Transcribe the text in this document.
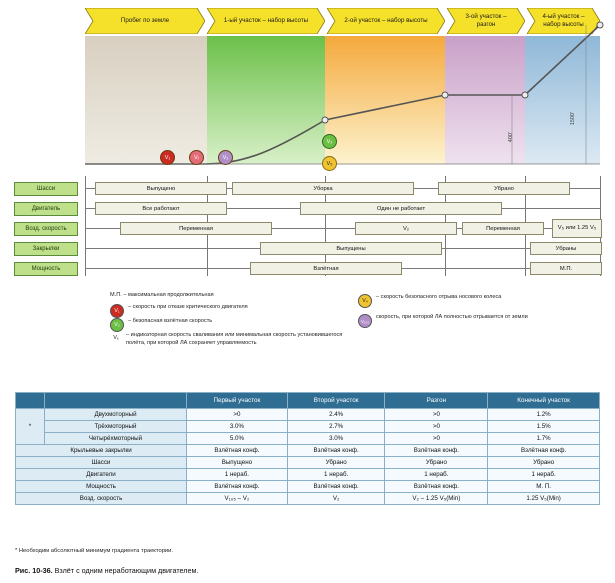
Пробег по земле	1-ый участок – набор высоты	2-ой участок – набор высоты
3-ой участок – разгон
4-ый участок – набор высоты
V₁	Vᵣ	V₂
V₂
V₅
400'
1500'
Шасси	Выпущено	Уборка	Убрано
Двигатель	Все работают	Один не работает
Возд. скорость	Переменная	V₂	Переменная	V₅ или 1.25 V₅
Закрылки	Выпущены	Убраны
Мощность	Взлётная	М.П.
М.П. – максимальная продолжительная
V₁
– скорость при отказе критического двигателя
V₂
– безопасная взлётная скорость
Vₓ	– индикаторная скорость сваливания или минимальная скорость установившегося полёта, при которой ЛА сохраняет управляемость
V₄
– скорость безопасного отрыва носового колеса
V₁₀₅
скорость, при которой ЛА полностью отрывается от земли
		Первый участок	Второй участок	Разгон	Конечный участок
*	Двухмоторный	>0	2.4%	>0	1.2%
	Трёхмоторный	3.0%	2.7%	>0	1.5%
	Четырёхмоторный	5.0%	3.0%	>0	1.7%
Крыльевые закрылки		Взлётная конф.	Взлётная конф.	Взлётная конф.	Взлётная конф.
Шасси		Выпущено	Убрано	Убрано	Убрано
Двигатели		1 нераб.	1 нераб.	1 нераб.	1 нераб.
Мощность		Взлётная конф.	Взлётная конф.	Взлётная конф.	М. П.
Возд. скорость		V₁₀₅ – V₂	V₂	V₂ – 1.25 V₅(Min)	1.25 V₅(Min)
* Необходим абсолютный минимум градиента траектории.
Рис. 10-36. Взлёт с одним неработающим двигателем.
